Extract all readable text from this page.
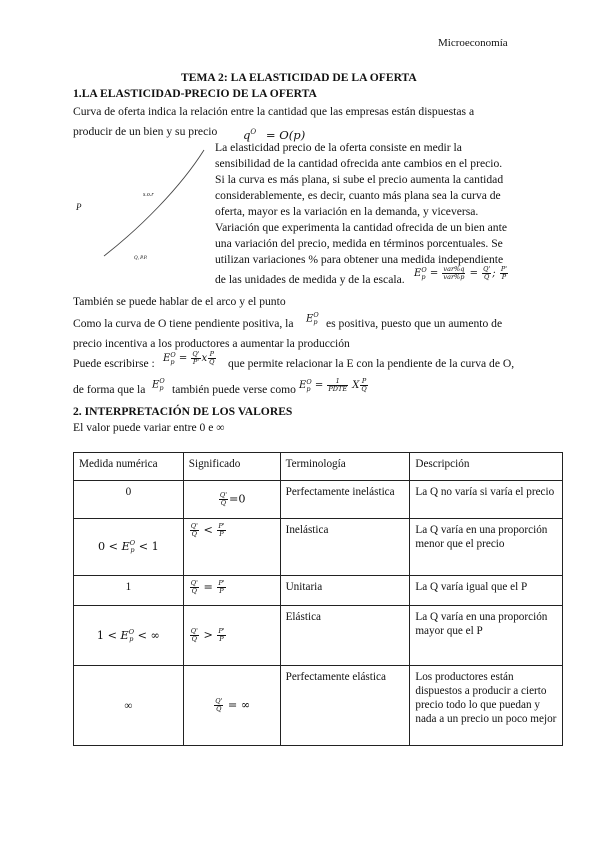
Microeconomía
TEMA 2: LA ELASTICIDAD DE LA OFERTA
1.LA ELASTICIDAD-PRECIO DE LA OFERTA
Curva de oferta indica la relación entre la cantidad que las empresas están dispuestas a
producir de un bien y su precio $q^O = O(p)$
s.o.r
P
Q, P.P.
La elasticidad precio de la oferta consiste en medir la
sensibilidad de la cantidad ofrecida ante cambios en el precio.
Si la curva es más plana, si sube el precio aumenta la cantidad
considerablemente, es decir, cuanto más plana sea la curva de
oferta, mayor es la variación en la demanda, y viceversa.
Variación que experimenta la cantidad ofrecida de un bien ante
una variación del precio, medida en términos porcentuales. Se
utilizan variaciones % para obtener una medida independiente
de las unidades de medida y de la escala. E O
$p = \frac{\text{var\%q}}{\text{var\%p}} = \frac{Q'}{Q}$ ; $\frac{P'}{P}$
También se puede hablar de el arco y el punto
Como la curva de O tiene pendiente positiva, la E O
p es positiva, puesto que un aumento de
precio incentiva a los productores a aumentar la producción
Puede escribirse : E O
$p = \frac{Q'}{P'}$ x $\frac{P}{Q}$ que permite relacionar la E con la pendiente de la curva de O,
de forma que la E O
p también puede verse como E O
$p = \frac{1}{\text{PDTE}}$ X $\frac{P}{Q}$
2. INTERPRETACIÓN DE LOS VALORES
El valor puede variar entre 0 e ∞
Medida numérica	Significado	Terminología	Descripción
0	$\frac{Q'}{Q} =0$	Perfectamente inelástica	La Q no varía si varía el precio
0 < E O
p < 1	$\frac{Q'}{Q} < \frac{P'}{P}$	Inelástica	La Q varía en una proporción menor que el precio
1	$\frac{Q'}{Q} = \frac{P'}{P}$	Unitaria	La Q varía igual que el P
1 < E O
p < ∞	$\frac{Q'}{Q} > \frac{P'}{P}$	Elástica	La Q varía en una proporción mayor que el P
∞	$\frac{Q'}{Q}$ = ∞	Perfectamente elástica	Los productores están dispuestos a producir a cierto precio todo lo que puedan y nada a un precio un poco mejor
